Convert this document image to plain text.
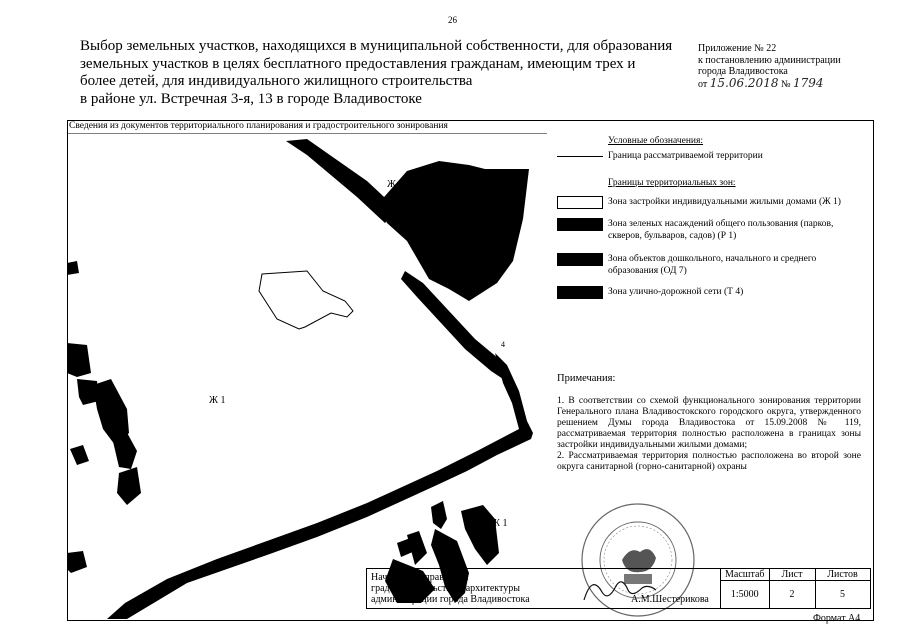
26
Выбор земельных участков, находящихся в муниципальной собственности, для образования
земельных участков в целях бесплатного предоставления гражданам, имеющим трех и
более детей, для индивидуального жилищного строительства
в районе ул. Встречная 3-я, 13 в городе Владивостоке
Приложение № 22
к постановлению администрации
города Владивостока
от 15.06.2018 № 1794
Сведения из документов территориального планирования и градостроительного зонирования
Ж 1
Ж 1
Ж 1
4
Условные обозначения:
Граница рассматриваемой территории
Границы территориальных зон:
Зона застройки индивидуальными жилыми домами (Ж 1)
Зона зеленых насаждений общего пользования (парков, скверов, бульваров, садов) (Р 1)
Зона объектов дошкольного, начального и среднего образования (ОД 7)
Зона улично-дорожной сети (Т 4)
Примечания:
1. В соответствии со схемой функционального зонирования территории Генерального плана Владивостокского городского округа, утвержденного решением Думы города Владивостока от 15.09.2008 № 119, рассматриваемая территория полностью расположена в границах зоны застройки индивидуальными жилыми домами;
2. Рассматриваемая территория полностью расположена во второй зоне округа санитарной (горно-санитарной) охраны
Начальник управления
градостроительства и архитектуры
администрации города Владивостока А.М.Шестерикова	Масштаб	Лист	Листов
	1:5000	2	5
Формат А4
